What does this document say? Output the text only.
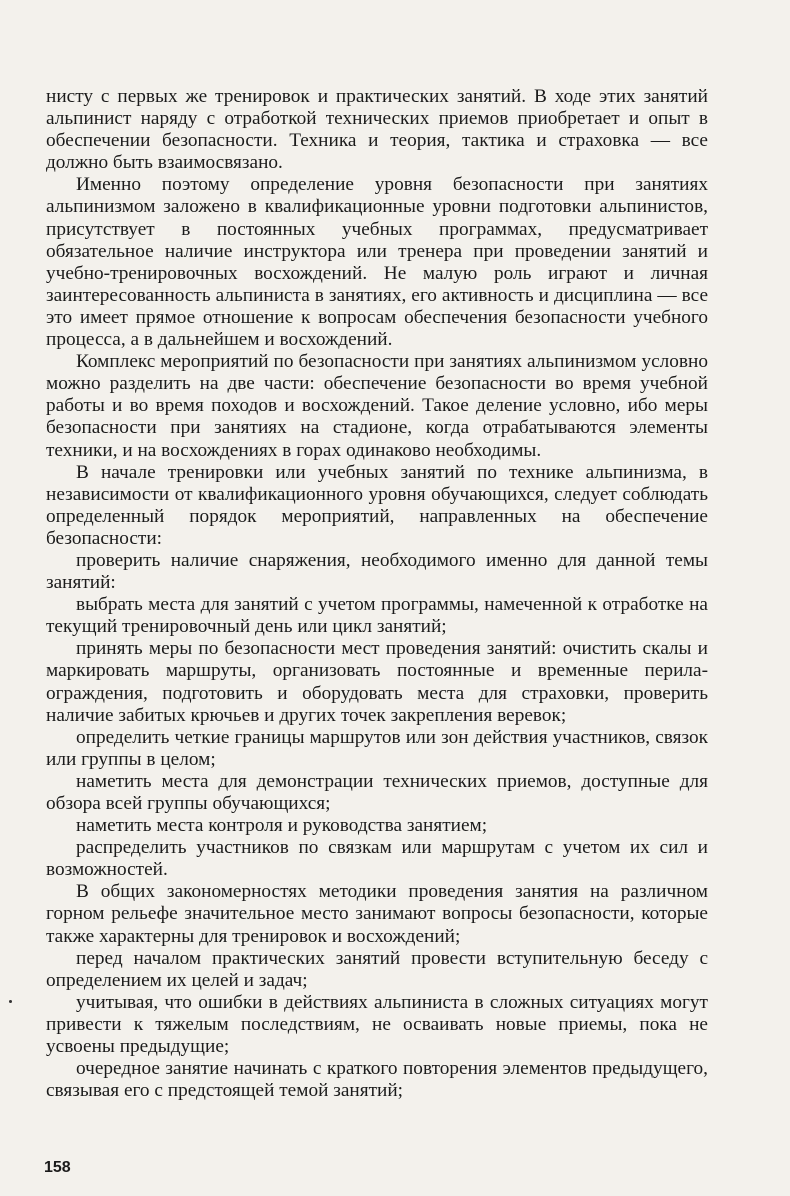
нисту с первых же тренировок и практических занятий. В ходе этих занятий альпинист наряду с отработкой технических приемов приобретает и опыт в обеспечении безопасности. Техника и теория, тактика и страховка — все должно быть взаимосвязано.

Именно поэтому определение уровня безопасности при занятиях альпинизмом заложено в квалификационные уровни подготовки альпинистов, присутствует в постоянных учебных программах, предусматривает обязательное наличие инструктора или тренера при проведении занятий и учебно-тренировочных восхождений. Не малую роль играют и личная заинтересованность альпиниста в занятиях, его активность и дисциплина — все это имеет прямое отношение к вопросам обеспечения безопасности учебного процесса, а в дальнейшем и восхождений.

Комплекс мероприятий по безопасности при занятиях альпинизмом условно можно разделить на две части: обеспечение безопасности во время учебной работы и во время походов и восхождений. Такое деление условно, ибо меры безопасности при занятиях на стадионе, когда отрабатываются элементы техники, и на восхождениях в горах одинаково необходимы.

В начале тренировки или учебных занятий по технике альпинизма, в независимости от квалификационного уровня обучающихся, следует соблюдать определенный порядок мероприятий, направленных на обеспечение безопасности:

проверить наличие снаряжения, необходимого именно для данной темы занятий:

выбрать места для занятий с учетом программы, намеченной к отработке на текущий тренировочный день или цикл занятий;

принять меры по безопасности мест проведения занятий: очистить скалы и маркировать маршруты, организовать постоянные и временные перила-ограждения, подготовить и оборудовать места для страховки, проверить наличие забитых крючьев и других точек закрепления веревок;

определить четкие границы маршрутов или зон действия участников, связок или группы в целом;

наметить места для демонстрации технических приемов, доступные для обзора всей группы обучающихся;

наметить места контроля и руководства занятием;

распределить участников по связкам или маршрутам с учетом их сил и возможностей.

В общих закономерностях методики проведения занятия на различном горном рельефе значительное место занимают вопросы безопасности, которые также характерны для тренировок и восхождений;

перед началом практических занятий провести вступительную беседу с определением их целей и задач;

учитывая, что ошибки в действиях альпиниста в сложных ситуациях могут привести к тяжелым последствиям, не осваивать новые приемы, пока не усвоены предыдущие;

очередное занятие начинать с краткого повторения элементов предыдущего, связывая его с предстоящей темой занятий;

158
